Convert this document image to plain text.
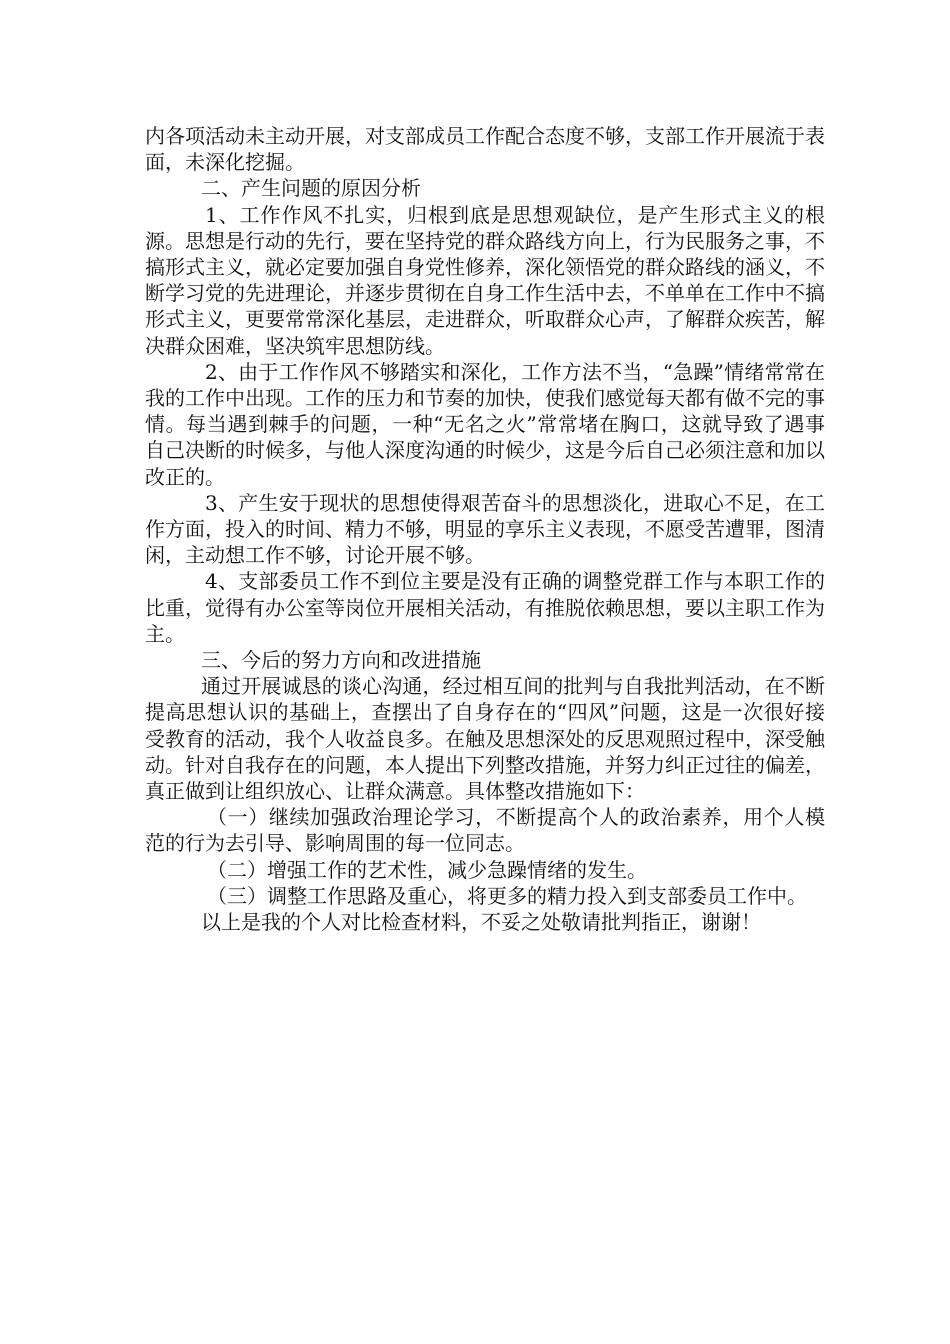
内各项活动未主动开展，对支部成员工作配合态度不够，支部工作开展流于表面，未深化挖掘。

二、产生问题的原因分析

1、工作作风不扎实，归根到底是思想观缺位，是产生形式主义的根源。思想是行动的先行，要在坚持党的群众路线方向上，行为民服务之事，不搞形式主义，就必定要加强自身党性修养，深化领悟党的群众路线的涵义，不断学习党的先进理论，并逐步贯彻在自身工作生活中去，不单单在工作中不搞形式主义，更要常常深化基层，走进群众，听取群众心声，了解群众疾苦，解决群众困难，坚决筑牢思想防线。

2、由于工作作风不够踏实和深化，工作方法不当，“急躁”情绪常常在我的工作中出现。工作的压力和节奏的加快，使我们感觉每天都有做不完的事情。每当遇到棘手的问题，一种“无名之火”常常堵在胸口，这就导致了遇事自己决断的时候多，与他人深度沟通的时候少，这是今后自己必须注意和加以改正的。

3、产生安于现状的思想使得艰苦奋斗的思想淡化，进取心不足，在工作方面，投入的时间、精力不够，明显的享乐主义表现，不愿受苦遭罪，图清闲，主动想工作不够，讨论开展不够。

4、支部委员工作不到位主要是没有正确的调整党群工作与本职工作的比重，觉得有办公室等岗位开展相关活动，有推脱依赖思想，要以主职工作为主。

三、今后的努力方向和改进措施

通过开展诚恳的谈心沟通，经过相互间的批判与自我批判活动，在不断提高思想认识的基础上，查摆出了自身存在的“四风”问题，这是一次很好接受教育的活动，我个人收益良多。在触及思想深处的反思观照过程中，深受触动。针对自我存在的问题，本人提出下列整改措施，并努力纠正过往的偏差，真正做到让组织放心、让群众满意。具体整改措施如下：

（一）继续加强政治理论学习，不断提高个人的政治素养，用个人模范的行为去引导、影响周围的每一位同志。

（二）增强工作的艺术性，减少急躁情绪的发生。

（三）调整工作思路及重心，将更多的精力投入到支部委员工作中。

以上是我的个人对比检查材料，不妥之处敬请批判指正，谢谢！
